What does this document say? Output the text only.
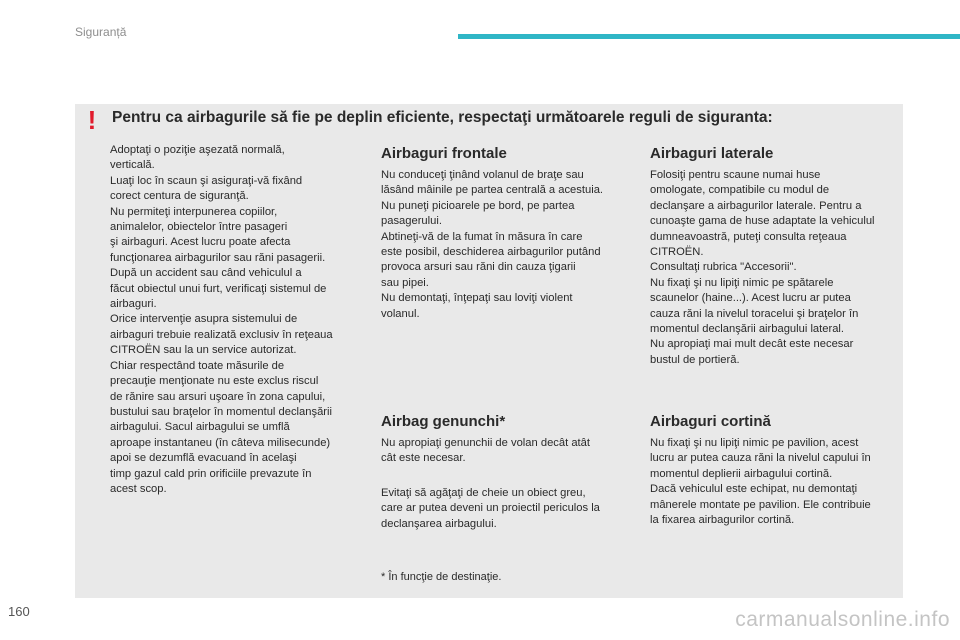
Siguranță
!	Pentru ca airbagurile să fie pe deplin eficiente, respectaţi următoarele reguli de siguranta:
Adoptaţi o poziţie aşezată normală,
verticală.
Luaţi loc în scaun şi asiguraţi-vă fixând
corect centura de siguranţă.
Nu permiteţi interpunerea copiilor,
animalelor, obiectelor între pasageri
şi airbaguri. Acest lucru poate afecta
funcţionarea airbagurilor sau răni pasagerii.
După un accident sau când vehiculul a
făcut obiectul unui furt, verificaţi sistemul de
airbaguri.
Orice intervenţie asupra sistemului de
airbaguri trebuie realizată exclusiv în reţeaua
CITROËN sau la un service autorizat.
Chiar respectând toate măsurile de
precauţie menţionate nu este exclus riscul
de rănire sau arsuri uşoare în zona capului,
bustului sau braţelor în momentul declanşării
airbagului. Sacul airbagului se umflă
aproape instantaneu (în câteva milisecunde)
apoi se dezumflă evacuand în acelaşi
timp gazul cald prin orificiile prevazute în
acest scop.
Airbaguri frontale
Nu conduceţi ţinând volanul de braţe sau
lăsând mâinile pe partea centrală a acestuia.
Nu puneţi picioarele pe bord, pe partea
pasagerului.
Abtineţi-vă de la fumat în măsura în care
este posibil, deschiderea airbagurilor putând
provoca arsuri sau răni din cauza ţigarii
sau pipei.
Nu demontaţi, înţepaţi sau loviţi violent
volanul.
Airbaguri laterale
Folosiţi pentru scaune numai huse
omologate, compatibile cu modul de
declanşare a airbagurilor laterale. Pentru a
cunoaşte gama de huse adaptate la vehiculul
dumneavoastră, puteţi consulta reţeaua
CITROËN.
Consultaţi rubrica "Accesorii".
Nu fixaţi şi nu lipiţi nimic pe spătarele
scaunelor (haine...). Acest lucru ar putea
cauza răni la nivelul toracelui şi braţelor în
momentul declanşării airbagului lateral.
Nu apropiaţi mai mult decât este necesar
bustul de portieră.
Airbag genunchi*
Nu apropiaţi genunchii de volan decât atât
cât este necesar.
Evitaţi să agăţaţi de cheie un obiect greu,
care ar putea deveni un proiectil periculos la
declanşarea airbagului.
Airbaguri cortină
Nu fixaţi şi nu lipiţi nimic pe pavilion, acest
lucru ar putea cauza răni la nivelul capului în
momentul deplierii airbagului cortină.
Dacă vehiculul este echipat, nu demontaţi
mânerele montate pe pavilion. Ele contribuie
la fixarea airbagurilor cortină.
* În funcţie de destinaţie.
160	carmanualsonline.info
